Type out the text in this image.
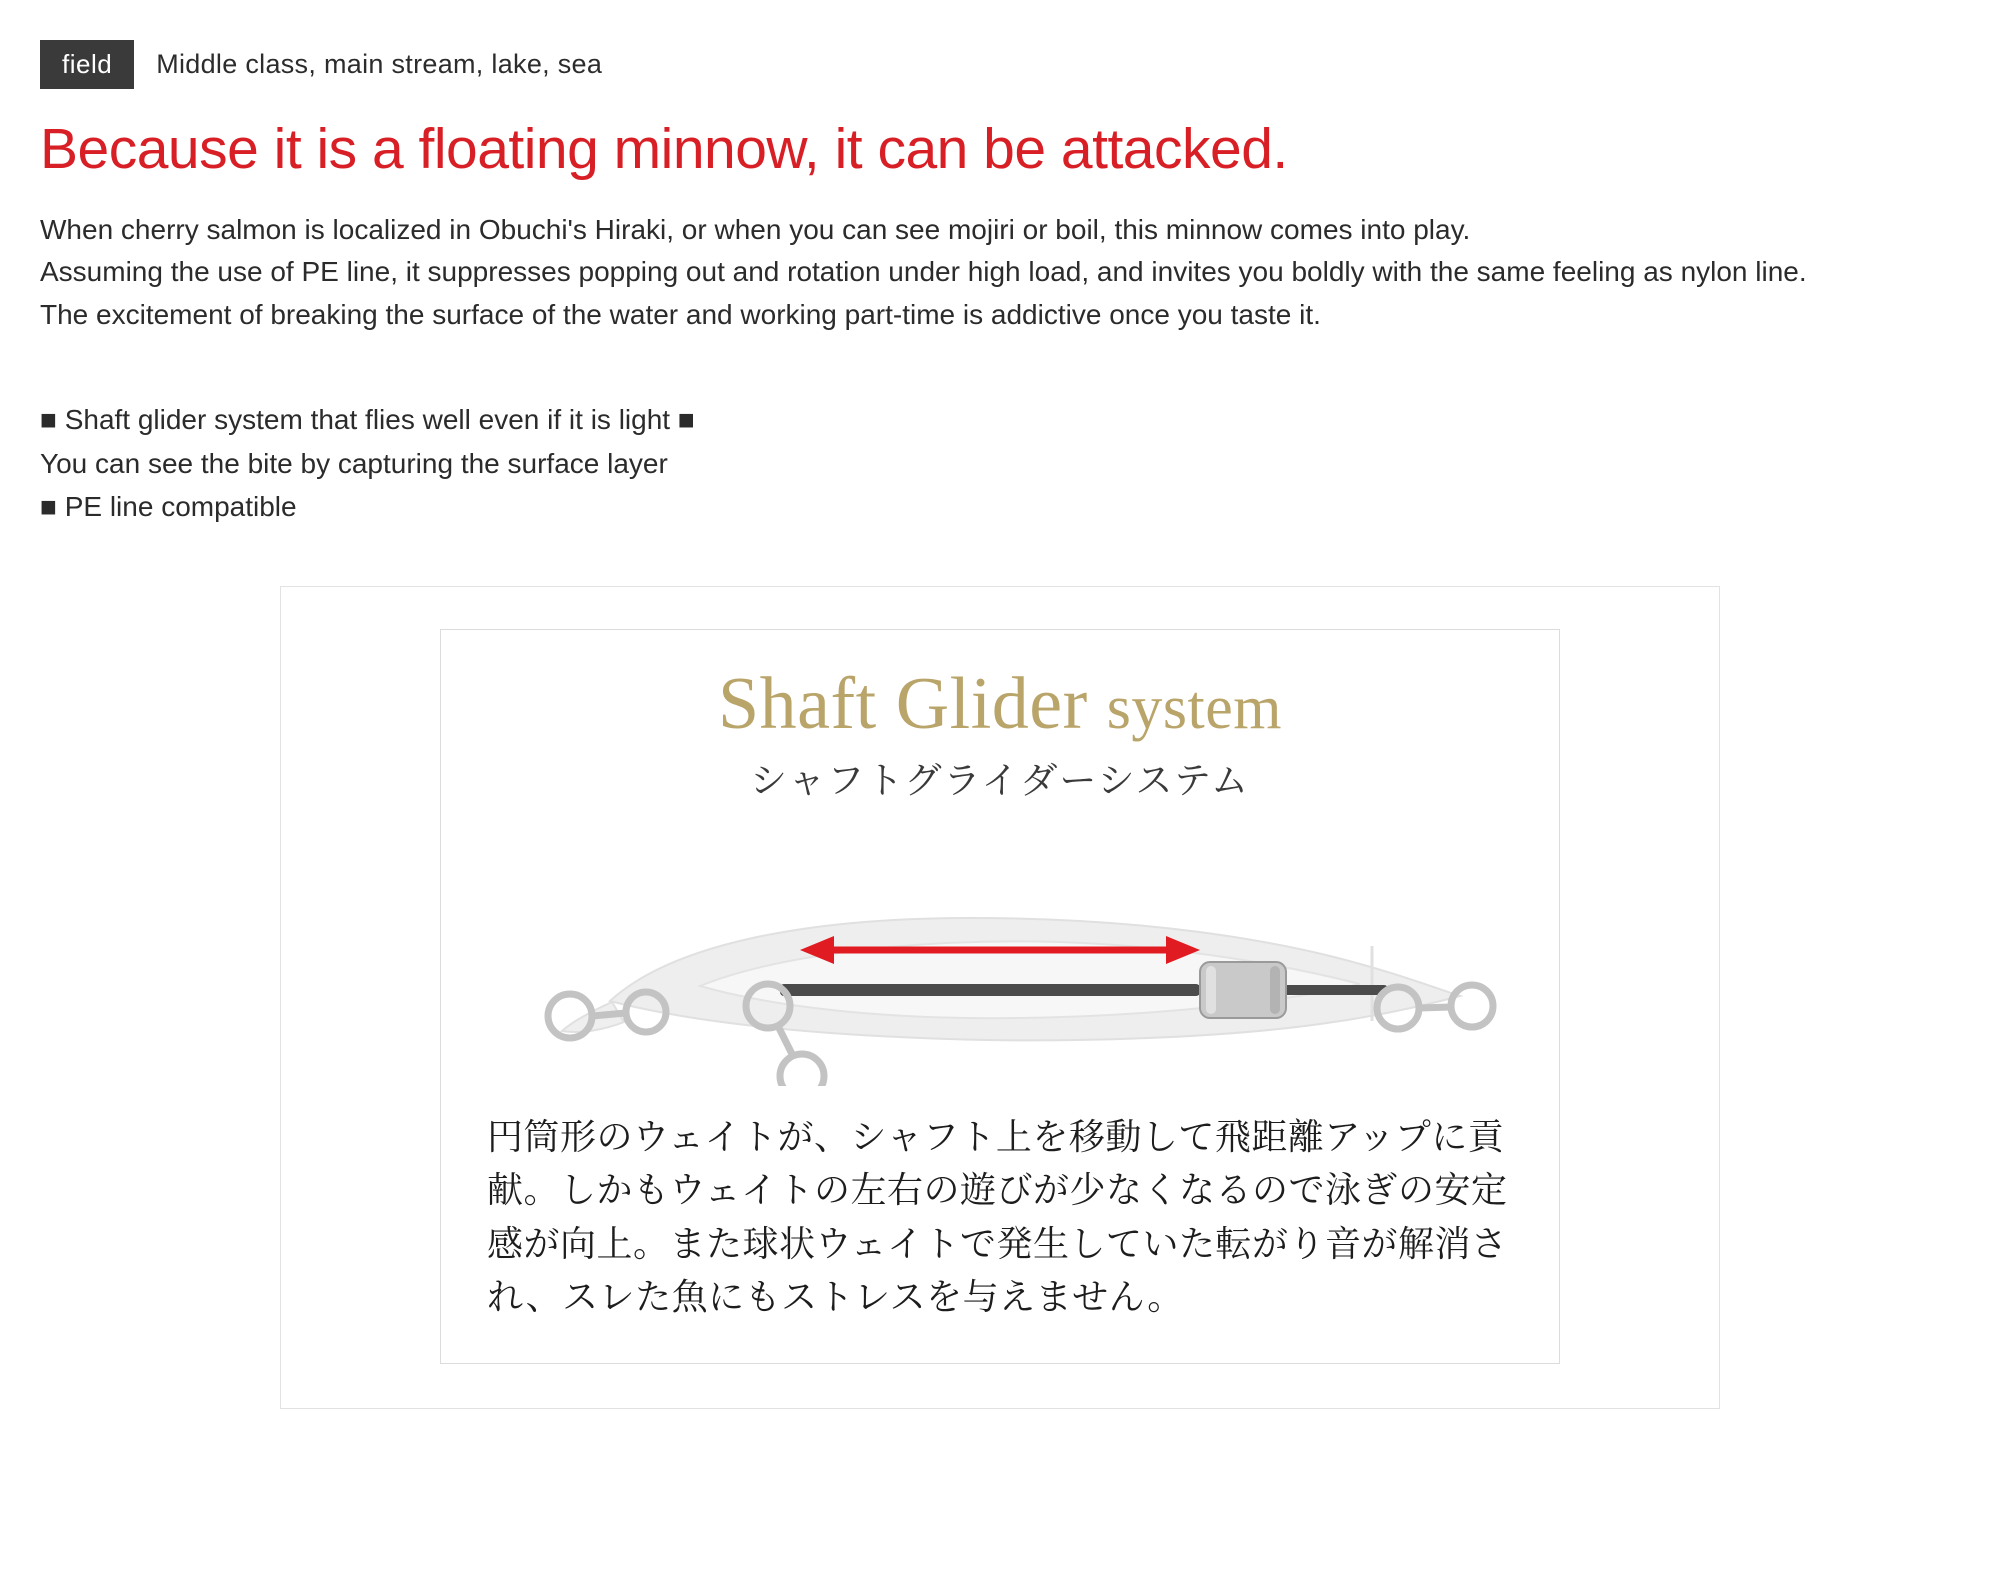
field	Middle class, main stream, lake, sea
Because it is a floating minnow, it can be attacked.

When cherry salmon is localized in Obuchi's Hiraki, or when you can see mojiri or boil, this minnow comes into play.

Assuming the use of PE line, it suppresses popping out and rotation under high load, and invites you boldly with the same feeling as nylon line.

The excitement of breaking the surface of the water and working part-time is addictive once you taste it.

■ Shaft glider system that flies well even if it is light ■

You can see the bite by capturing the surface layer

■ PE line compatible

Shaft Glider system

シャフトグライダーシステム

円筒形のウェイトが、シャフト上を移動して飛距離アップに貢献。しかもウェイトの左右の遊びが少なくなるので泳ぎの安定感が向上。また球状ウェイトで発生していた転がり音が解消され、スレた魚にもストレスを与えません。
